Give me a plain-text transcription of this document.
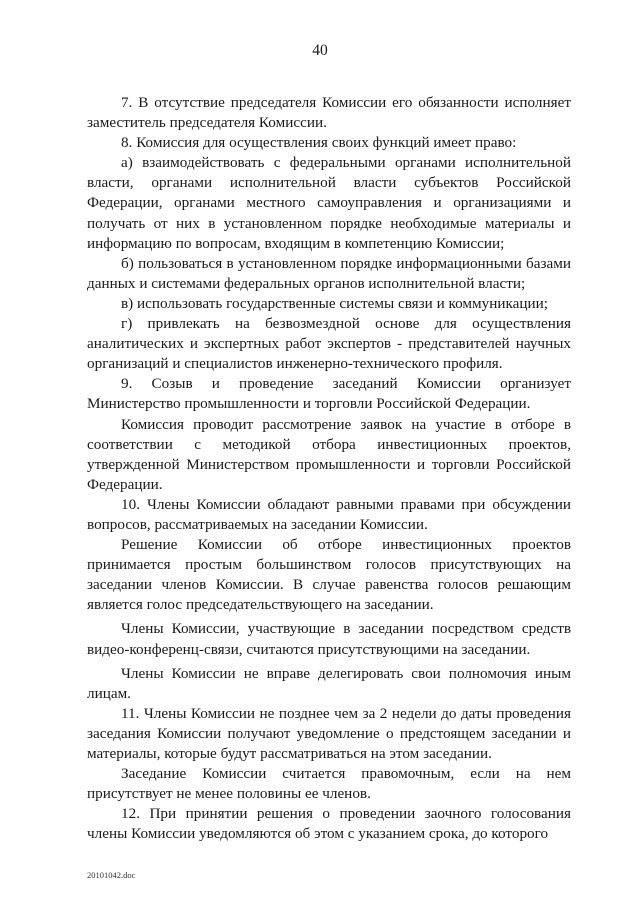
40

7. В отсутствие председателя Комиссии его обязанности исполняет заместитель председателя Комиссии.

8. Комиссия для осуществления своих функций имеет право:

а) взаимодействовать с федеральными органами исполнительной власти, органами исполнительной власти субъектов Российской Федерации, органами местного самоуправления и организациями и получать от них в установленном порядке необходимые материалы и информацию по вопросам, входящим в компетенцию Комиссии;

б) пользоваться в установленном порядке информационными базами данных и системами федеральных органов исполнительной власти;

в) использовать государственные системы связи и коммуникации;

г) привлекать на безвозмездной основе для осуществления аналитических и экспертных работ экспертов - представителей научных организаций и специалистов инженерно-технического профиля.

9. Созыв и проведение заседаний Комиссии организует Министерство промышленности и торговли Российской Федерации.

Комиссия проводит рассмотрение заявок на участие в отборе в соответствии с методикой отбора инвестиционных проектов, утвержденной Министерством промышленности и торговли Российской Федерации.

10. Члены Комиссии обладают равными правами при обсуждении вопросов, рассматриваемых на заседании Комиссии.

Решение Комиссии об отборе инвестиционных проектов принимается простым большинством голосов присутствующих на заседании членов Комиссии. В случае равенства голосов решающим является голос председательствующего на заседании.

Члены Комиссии, участвующие в заседании посредством средств видео-конференц-связи, считаются присутствующими на заседании.

Члены Комиссии не вправе делегировать свои полномочия иным лицам.

11. Члены Комиссии не позднее чем за 2 недели до даты проведения заседания Комиссии получают уведомление о предстоящем заседании и материалы, которые будут рассматриваться на этом заседании.

Заседание Комиссии считается правомочным, если на нем присутствует не менее половины ее членов.

12. При принятии решения о проведении заочного голосования члены Комиссии уведомляются об этом с указанием срока, до которого

20101042.doc
